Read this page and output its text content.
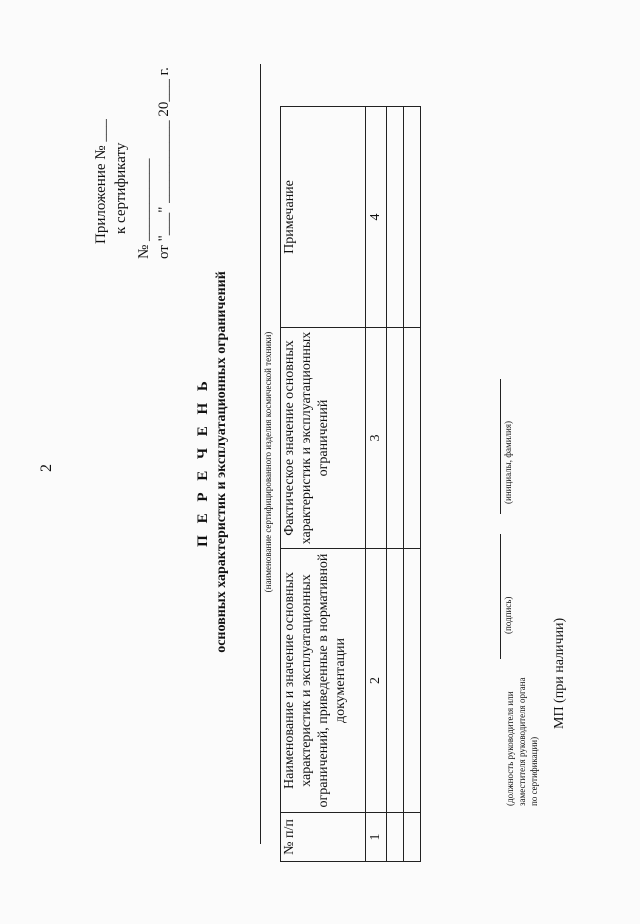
2
Приложение № ___ к сертификату № ___________ от "___" ___________ 20___ г.
П Е Р Е Ч Е Н Ь основных характеристик и эксплуатационных ограничений	(наименование сертифицированного изделия космической техники)
№ п/п	Наименование и значение основных характеристик и эксплуатационных ограничений, приведенные в нормативной документации	Фактическое значение основных характеристик и эксплуатационных ограничений	Примечание
1	2	3	4

(должность руководителя или заместителя руководителя органа по сертификации)
(подпись)
(инициалы, фамилия)
МП (при наличии)
